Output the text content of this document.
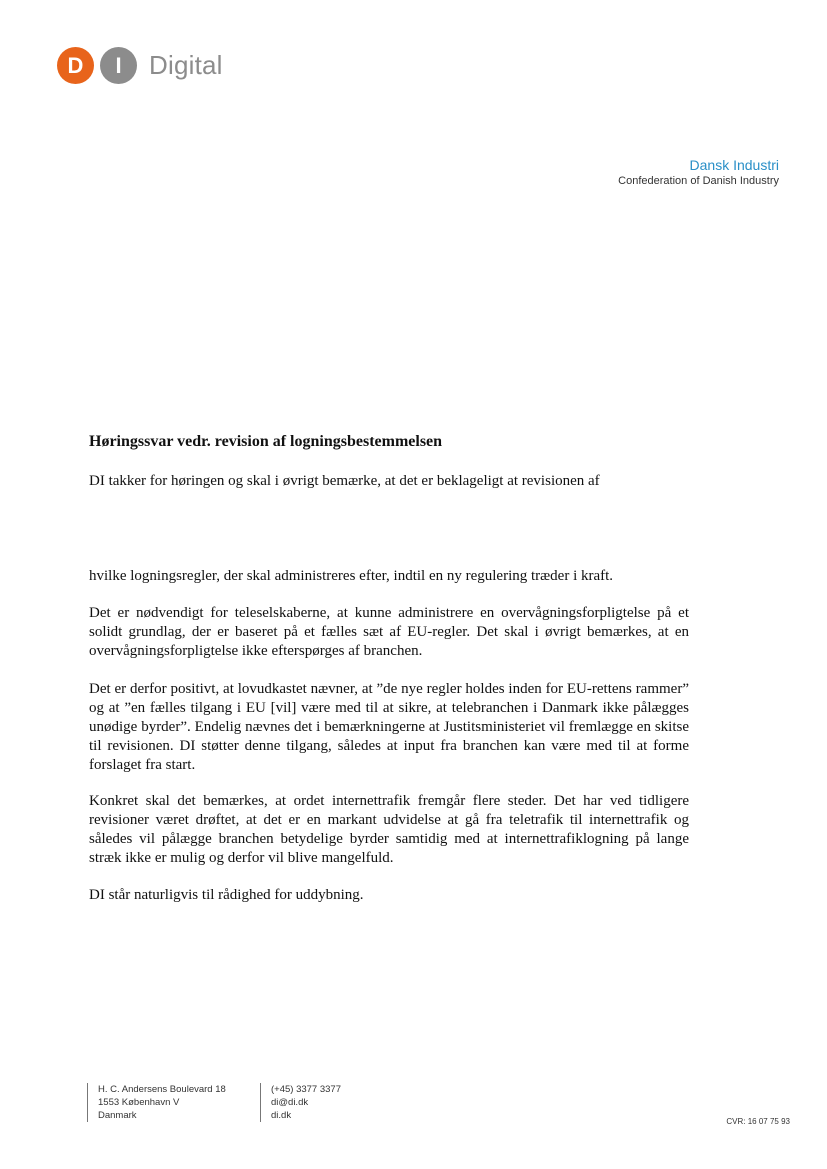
D	I	Digital
Dansk Industri
Confederation of Danish Industry
Høringssvar vedr. revision af logningsbestemmelsen

DI takker for høringen og skal i øvrigt bemærke, at det er beklageligt at revisionen af

hvilke logningsregler, der skal administreres efter, indtil en ny regulering træder i kraft.

Det er nødvendigt for teleselskaberne, at kunne administrere en overvågningsforpligtelse på et solidt grundlag, der er baseret på et fælles sæt af EU-regler. Det skal i øvrigt bemærkes, at en overvågningsforpligtelse ikke efterspørges af branchen.

Det er derfor positivt, at lovudkastet nævner, at ”de nye regler holdes inden for EU-rettens rammer” og at ”en fælles tilgang i EU [vil] være med til at sikre, at telebranchen i Danmark ikke pålægges unødige byrder”. Endelig nævnes det i bemærkningerne at Justitsministeriet vil fremlægge en skitse til revisionen. DI støtter denne tilgang, således at input fra branchen kan være med til at forme forslaget fra start.

Konkret skal det bemærkes, at ordet internettrafik fremgår flere steder. Det har ved tidligere revisioner været drøftet, at det er en markant udvidelse at gå fra teletrafik til internettrafik og således vil pålægge branchen betydelige byrder samtidig med at internettrafiklogning på lange stræk ikke er mulig og derfor vil blive mangelfuld.

DI står naturligvis til rådighed for uddybning.

H. C. Andersens Boulevard 18
1553 København V
Danmark
(+45) 3377 3377
di@di.dk
di.dk
CVR: 16 07 75 93
